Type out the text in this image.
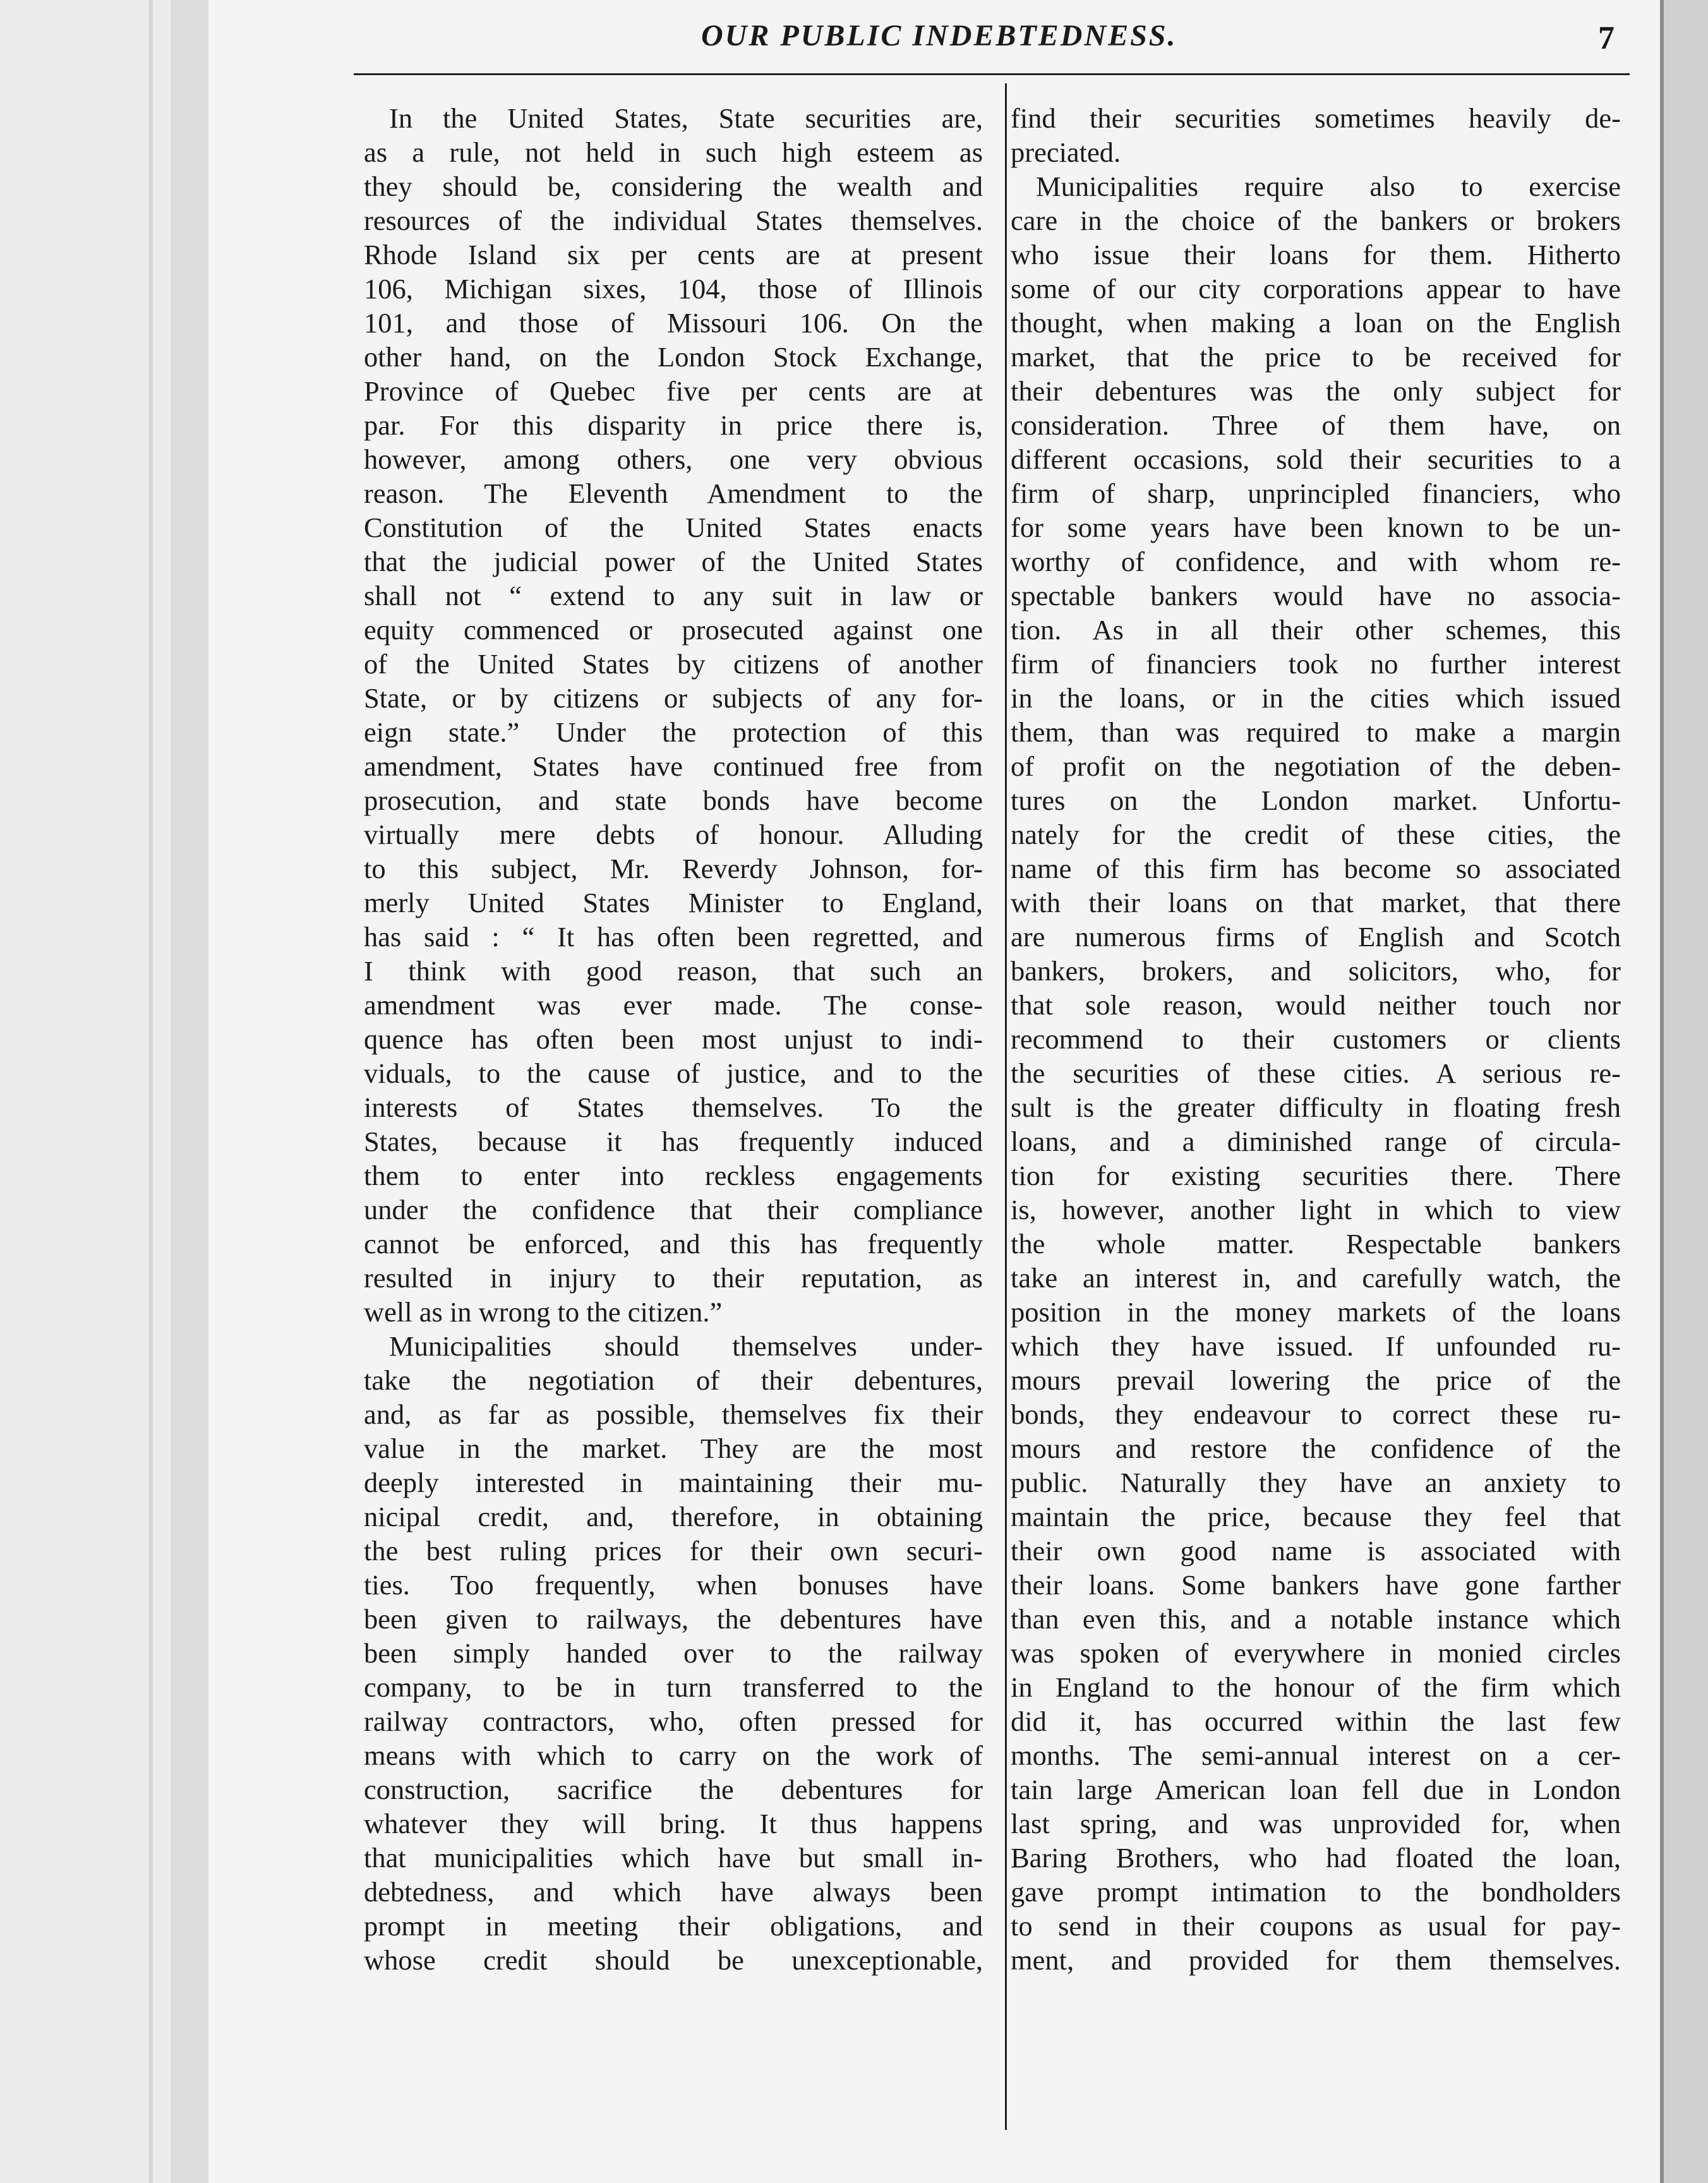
OUR PUBLIC INDEBTEDNESS.	7
In the United States, State securities are,
as a rule, not held in such high esteem as
they should be, considering the wealth and
resources of the individual States themselves.
Rhode Island six per cents are at present
106, Michigan sixes, 104, those of Illinois
101, and those of Missouri 106. On the
other hand, on the London Stock Exchange,
Province of Quebec five per cents are at
par. For this disparity in price there is,
however, among others, one very obvious
reason. The Eleventh Amendment to the
Constitution of the United States enacts
that the judicial power of the United States
shall not “ extend to any suit in law or
equity commenced or prosecuted against one
of the United States by citizens of another
State, or by citizens or subjects of any for-
eign state.” Under the protection of this
amendment, States have continued free from
prosecution, and state bonds have become
virtually mere debts of honour. Alluding
to this subject, Mr. Reverdy Johnson, for-
merly United States Minister to England,
has said : “ It has often been regretted, and
I think with good reason, that such an
amendment was ever made. The conse-
quence has often been most unjust to indi-
viduals, to the cause of justice, and to the
interests of States themselves. To the
States, because it has frequently induced
them to enter into reckless engagements
under the confidence that their compliance
cannot be enforced, and this has frequently
resulted in injury to their reputation, as
well as in wrong to the citizen.”
Municipalities should themselves under-
take the negotiation of their debentures,
and, as far as possible, themselves fix their
value in the market. They are the most
deeply interested in maintaining their mu-
nicipal credit, and, therefore, in obtaining
the best ruling prices for their own securi-
ties. Too frequently, when bonuses have
been given to railways, the debentures have
been simply handed over to the railway
company, to be in turn transferred to the
railway contractors, who, often pressed for
means with which to carry on the work of
construction, sacrifice the debentures for
whatever they will bring. It thus happens
that municipalities which have but small in-
debtedness, and which have always been
prompt in meeting their obligations, and
whose credit should be unexceptionable,
find their securities sometimes heavily de-
preciated.
Municipalities require also to exercise
care in the choice of the bankers or brokers
who issue their loans for them. Hitherto
some of our city corporations appear to have
thought, when making a loan on the English
market, that the price to be received for
their debentures was the only subject for
consideration. Three of them have, on
different occasions, sold their securities to a
firm of sharp, unprincipled financiers, who
for some years have been known to be un-
worthy of confidence, and with whom re-
spectable bankers would have no associa-
tion. As in all their other schemes, this
firm of financiers took no further interest
in the loans, or in the cities which issued
them, than was required to make a margin
of profit on the negotiation of the deben-
tures on the London market. Unfortu-
nately for the credit of these cities, the
name of this firm has become so associated
with their loans on that market, that there
are numerous firms of English and Scotch
bankers, brokers, and solicitors, who, for
that sole reason, would neither touch nor
recommend to their customers or clients
the securities of these cities. A serious re-
sult is the greater difficulty in floating fresh
loans, and a diminished range of circula-
tion for existing securities there. There
is, however, another light in which to view
the whole matter. Respectable bankers
take an interest in, and carefully watch, the
position in the money markets of the loans
which they have issued. If unfounded ru-
mours prevail lowering the price of the
bonds, they endeavour to correct these ru-
mours and restore the confidence of the
public. Naturally they have an anxiety to
maintain the price, because they feel that
their own good name is associated with
their loans. Some bankers have gone farther
than even this, and a notable instance which
was spoken of everywhere in monied circles
in England to the honour of the firm which
did it, has occurred within the last few
months. The semi-annual interest on a cer-
tain large American loan fell due in London
last spring, and was unprovided for, when
Baring Brothers, who had floated the loan,
gave prompt intimation to the bondholders
to send in their coupons as usual for pay-
ment, and provided for them themselves.
